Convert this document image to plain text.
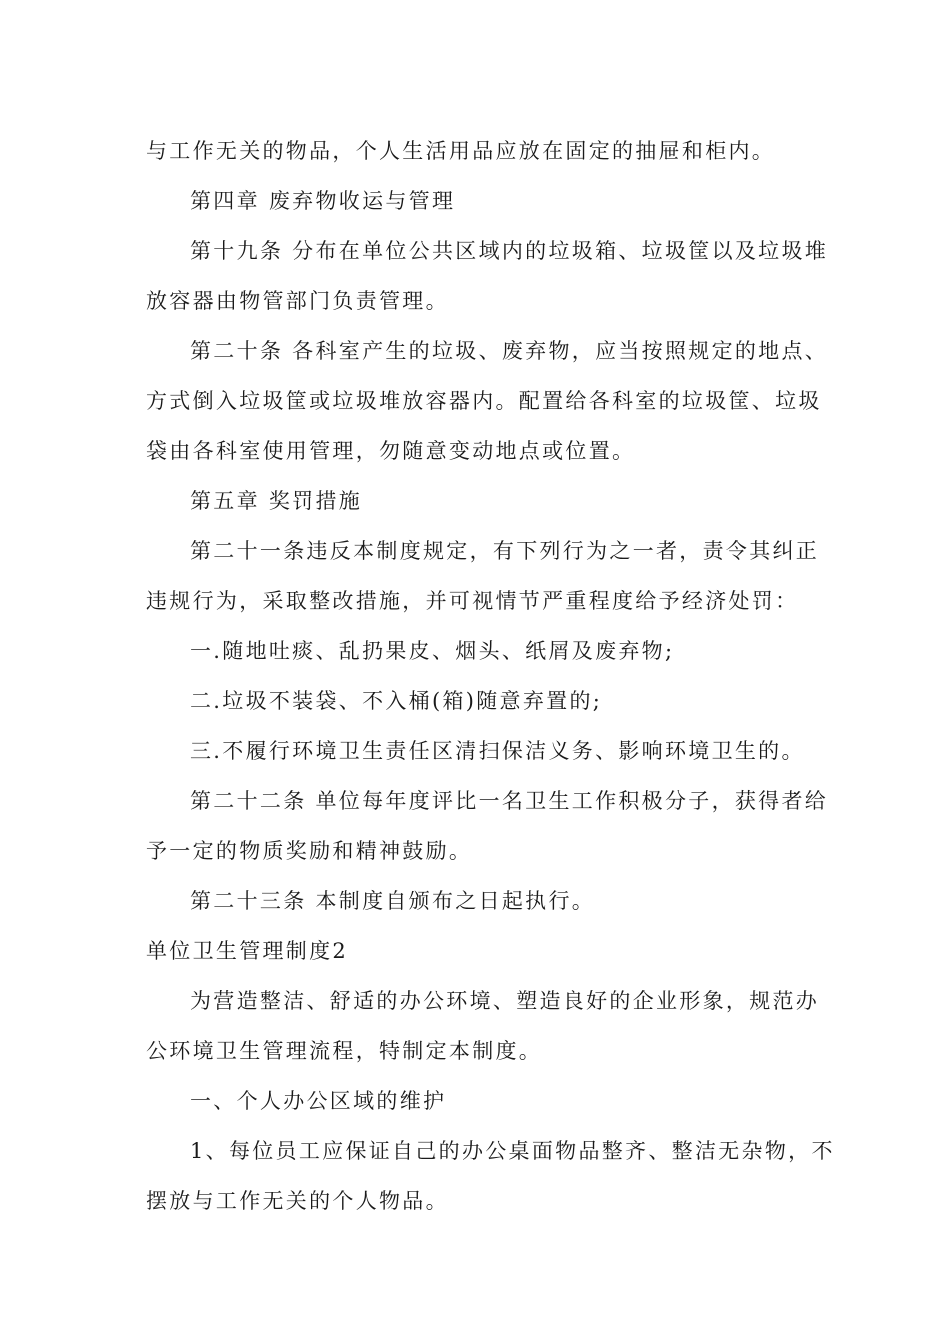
与工作无关的物品，个人生活用品应放在固定的抽屉和柜内。
第四章 废弃物收运与管理
第十九条 分布在单位公共区域内的垃圾箱、垃圾筐以及垃圾堆
放容器由物管部门负责管理。
第二十条 各科室产生的垃圾、废弃物，应当按照规定的地点、
方式倒入垃圾筐或垃圾堆放容器内。配置给各科室的垃圾筐、垃圾
袋由各科室使用管理，勿随意变动地点或位置。
第五章 奖罚措施
第二十一条违反本制度规定，有下列行为之一者，责令其纠正
违规行为，采取整改措施，并可视情节严重程度给予经济处罚：
一.随地吐痰、乱扔果皮、烟头、纸屑及废弃物;
二.垃圾不装袋、不入桶(箱)随意弃置的;
三.不履行环境卫生责任区清扫保洁义务、影响环境卫生的。
第二十二条 单位每年度评比一名卫生工作积极分子，获得者给
予一定的物质奖励和精神鼓励。
第二十三条 本制度自颁布之日起执行。
单位卫生管理制度2
为营造整洁、舒适的办公环境、塑造良好的企业形象，规范办
公环境卫生管理流程，特制定本制度。
一、个人办公区域的维护
1、每位员工应保证自己的办公桌面物品整齐、整洁无杂物，不
摆放与工作无关的个人物品。
